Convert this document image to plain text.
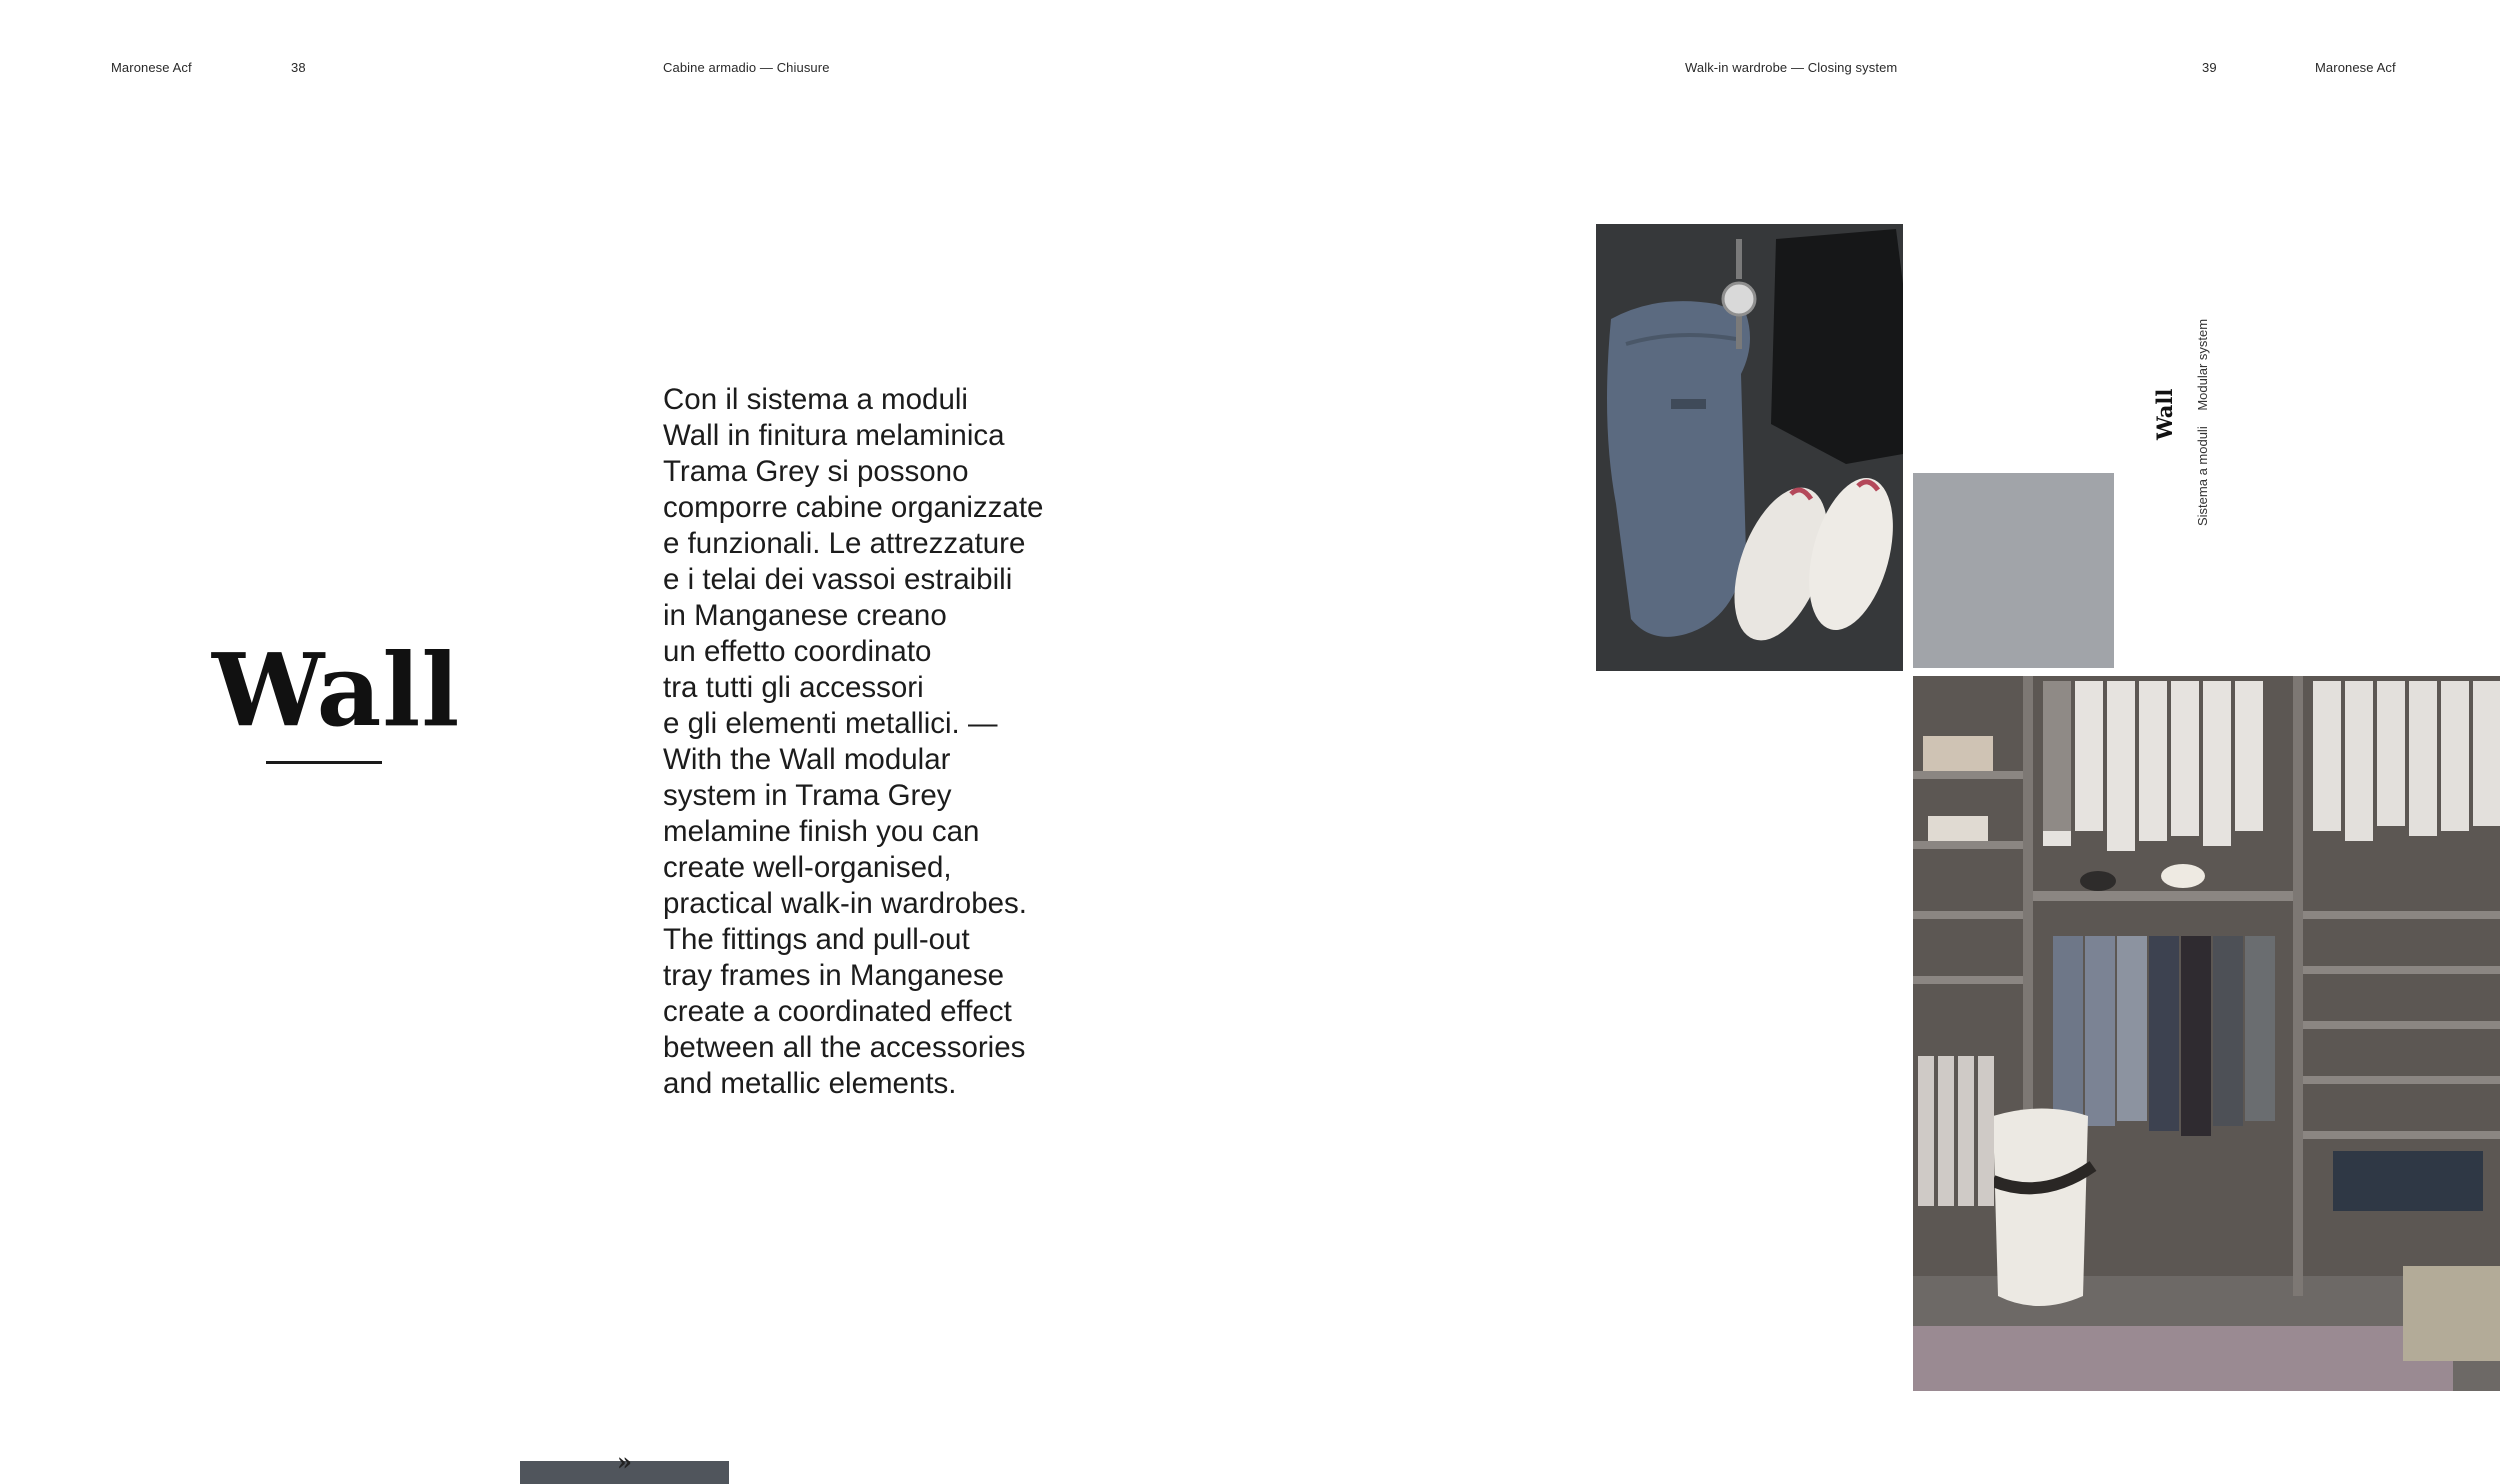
Maronese Acf	38	Cabine armadio — Chiusure	Walk-in wardrobe — Closing system	39	Maronese Acf
Wall

Con il sistema a moduli
Wall in finitura melaminica
Trama Grey si possono
comporre cabine organizzate
e funzionali. Le attrezzature
e i telai dei vassoi estraibili
in Manganese creano
un effetto coordinato
tra tutti gli accessori
e gli elementi metallici. —
With the Wall modular
system in Trama Grey
melamine finish you can
create well-organised,
practical walk-in wardrobes.
The fittings and pull-out
tray frames in Manganese
create a coordinated effect
between all the accessories
and metallic elements.

Wall
Sistema a moduli Modular system
»
